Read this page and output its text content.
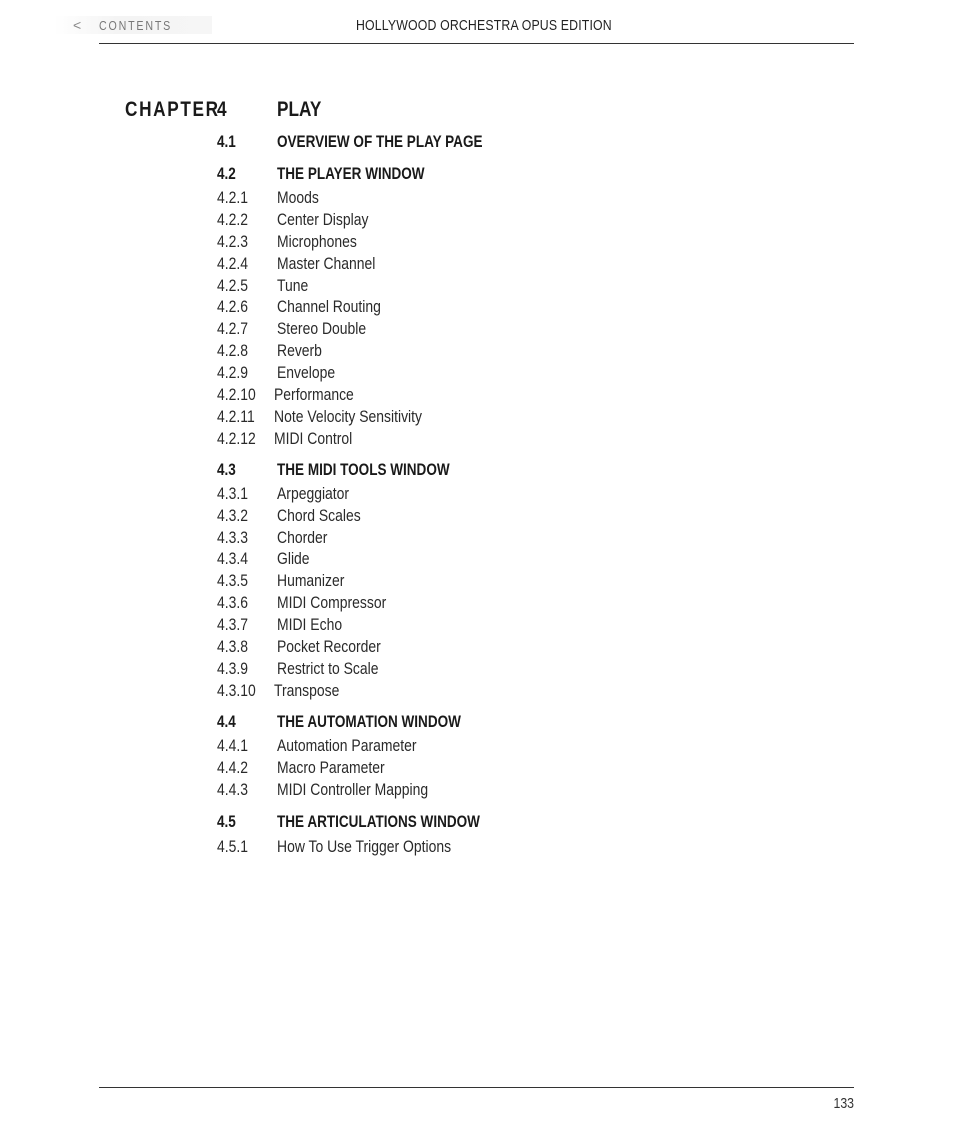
<	CONTENTS	HOLLYWOOD ORCHESTRA OPUS EDITION
CHAPTER
4 PLAY
4.1 OVERVIEW OF THE PLAY PAGE
4.2 THE PLAYER WINDOW
4.2.1 Moods
4.2.2 Center Display
4.2.3 Microphones
4.2.4 Master Channel
4.2.5 Tune
4.2.6 Channel Routing
4.2.7 Stereo Double
4.2.8 Reverb
4.2.9 Envelope
4.2.10 Performance
4.2.11 Note Velocity Sensitivity
4.2.12 MIDI Control
4.3 THE MIDI TOOLS WINDOW
4.3.1 Arpeggiator
4.3.2 Chord Scales
4.3.3 Chorder
4.3.4 Glide
4.3.5 Humanizer
4.3.6 MIDI Compressor
4.3.7 MIDI Echo
4.3.8 Pocket Recorder
4.3.9 Restrict to Scale
4.3.10 Transpose
4.4 THE AUTOMATION WINDOW
4.4.1 Automation Parameter
4.4.2 Macro Parameter
4.4.3 MIDI Controller Mapping
4.5 THE ARTICULATIONS WINDOW
4.5.1 How To Use Trigger Options
133
